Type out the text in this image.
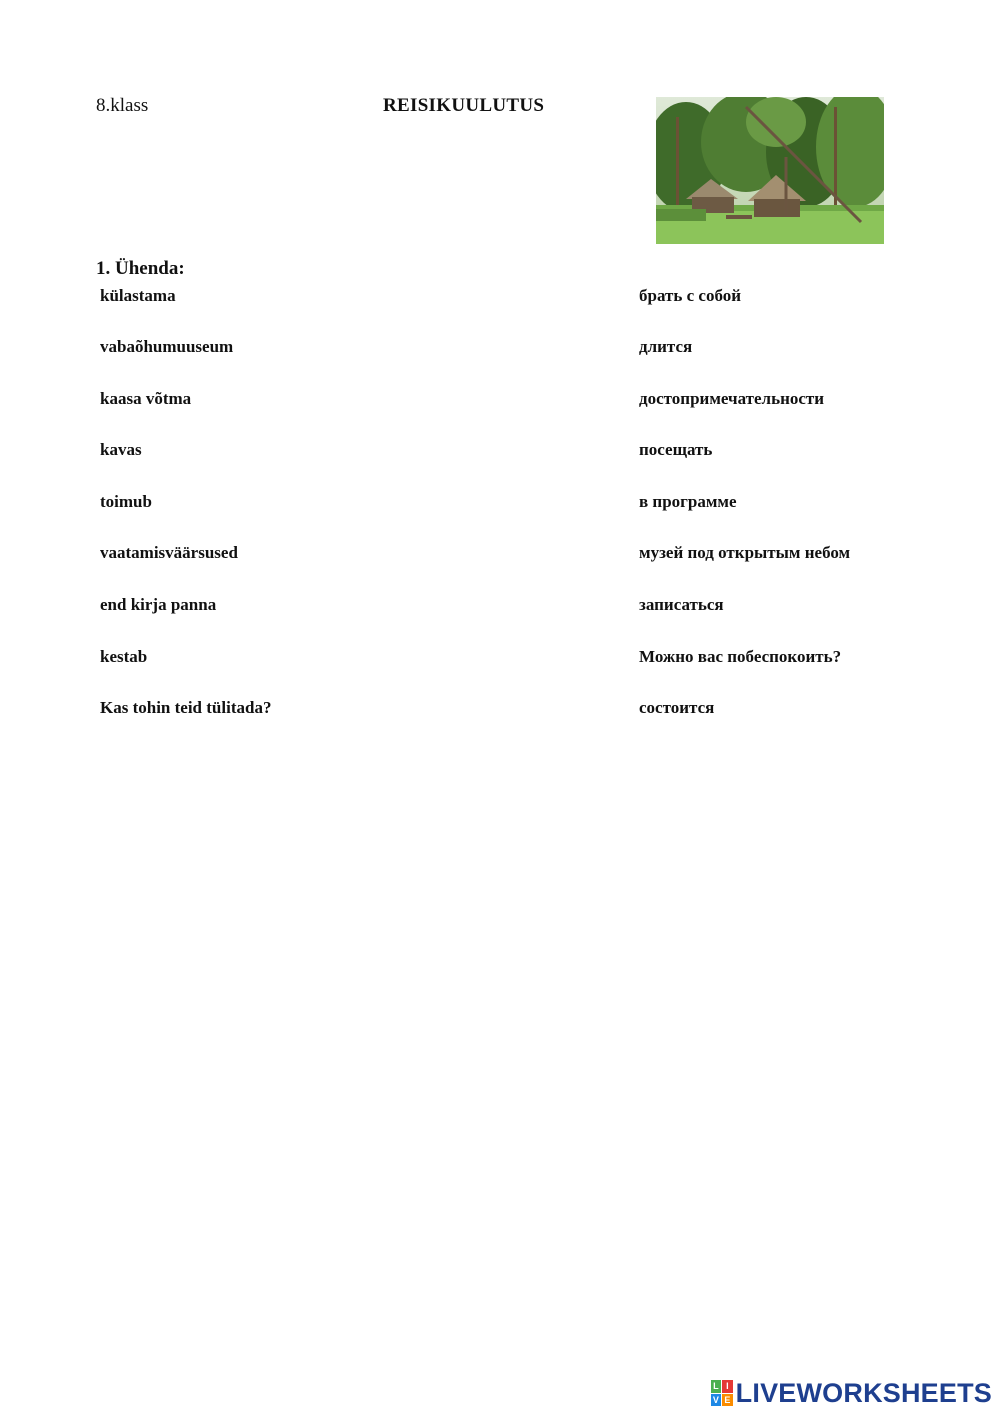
8.klass	REISIKUULUTUS
1. Ühenda:
külastama
vabaõhumuuseum
kaasa võtma
kavas
toimub
vaatamisväärsused
end kirja panna
kestab
Kas tohin teid tülitada?
брать с собой
длится
достопримечательности
посещать
в программе
музей под открытым небом
записаться
Можно вас побеспокоить?
состоится
L I
V E LIVEWORKSHEETS
